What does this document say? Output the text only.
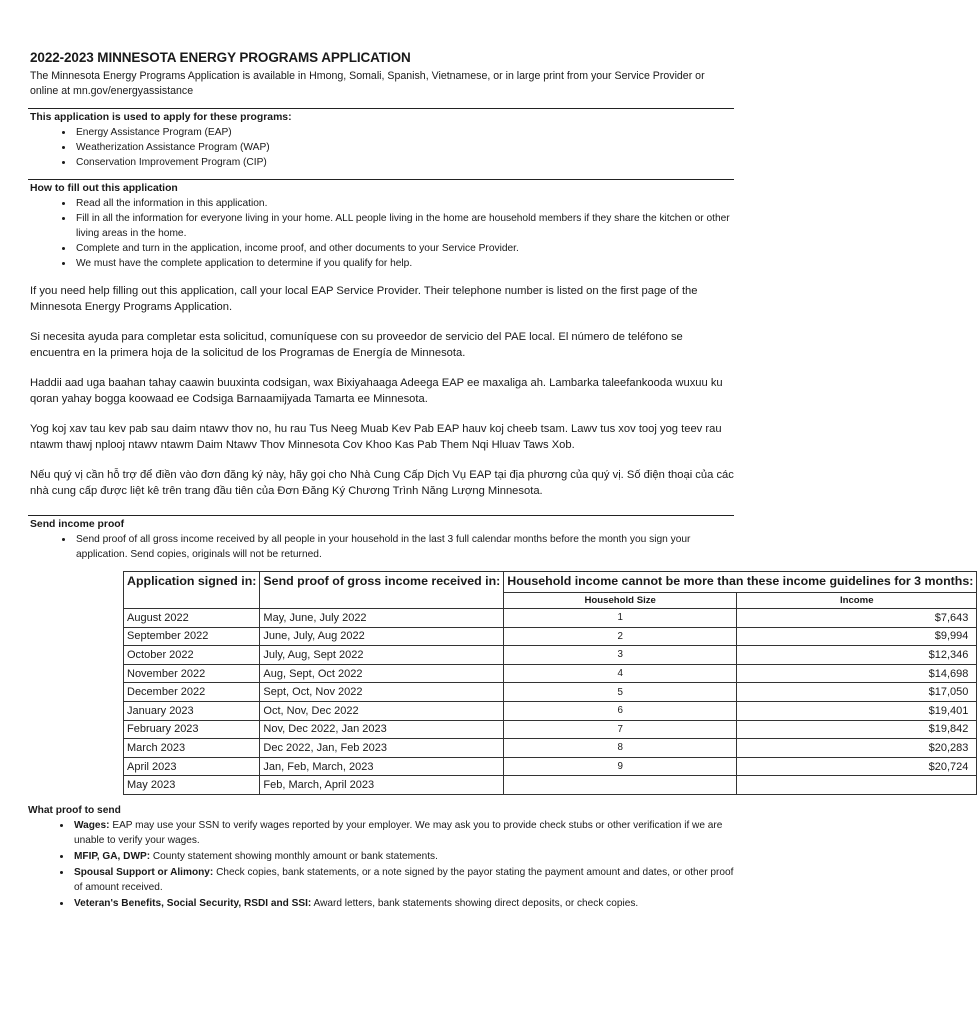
2022-2023 MINNESOTA ENERGY PROGRAMS APPLICATION

The Minnesota Energy Programs Application is available in Hmong, Somali, Spanish, Vietnamese, or in large print from your Service Provider or online at mn.gov/energyassistance

This application is used to apply for these programs:
• Energy Assistance Program (EAP)
• Weatherization Assistance Program (WAP)
• Conservation Improvement Program (CIP)
How to fill out this application
• Read all the information in this application.
• Fill in all the information for everyone living in your home. ALL people living in the home are household members if they share the kitchen or other living areas in the home.
• Complete and turn in the application, income proof, and other documents to your Service Provider.
• We must have the complete application to determine if you qualify for help.

If you need help filling out this application, call your local EAP Service Provider. Their telephone number is listed on the first page of the Minnesota Energy Programs Application.

Si necesita ayuda para completar esta solicitud, comuníquese con su proveedor de servicio del PAE local. El número de teléfono se encuentra en la primera hoja de la solicitud de los Programas de Energía de Minnesota.

Haddii aad uga baahan tahay caawin buuxinta codsigan, wax Bixiyahaaga Adeega EAP ee maxaliga ah. Lambarka taleefankooda wuxuu ku qoran yahay bogga koowaad ee Codsiga Barnaamijyada Tamarta ee Minnesota.

Yog koj xav tau kev pab sau daim ntawv thov no, hu rau Tus Neeg Muab Kev Pab EAP hauv koj cheeb tsam. Lawv tus xov tooj yog teev rau ntawm thawj nplooj ntawv ntawm Daim Ntawv Thov Minnesota Cov Khoo Kas Pab Them Nqi Hluav Taws Xob.

Nếu quý vị cần hỗ trợ để điền vào đơn đăng ký này, hãy gọi cho Nhà Cung Cấp Dịch Vụ EAP tại địa phương của quý vị. Số điện thoại của các nhà cung cấp được liệt kê trên trang đầu tiên của Đơn Đăng Ký Chương Trình Năng Lượng Minnesota.

Send income proof
• Send proof of all gross income received by all people in your household in the last 3 full calendar months before the month you sign your application. Send copies, originals will not be returned.
Application signed in:	Send proof of gross income received in:	Household income cannot be more than these income guidelines for 3 months:	
		Household Size	Income
August 2022	May, June, July 2022	1	$7,643
September 2022	June, July, Aug 2022	2	$9,994
October 2022	July, Aug, Sept 2022	3	$12,346
November 2022	Aug, Sept, Oct 2022	4	$14,698
December 2022	Sept, Oct, Nov 2022	5	$17,050
January 2023	Oct, Nov, Dec 2022	6	$19,401
February 2023	Nov, Dec 2022, Jan 2023	7	$19,842
March 2023	Dec 2022, Jan, Feb 2023	8	$20,283
April 2023	Jan, Feb, March, 2023	9	$20,724
May 2023	Feb, March, April 2023		
What proof to send
• Wages: EAP may use your SSN to verify wages reported by your employer. We may ask you to provide check stubs or other verification if we are unable to verify your wages.
• MFIP, GA, DWP: County statement showing monthly amount or bank statements.
• Spousal Support or Alimony: Check copies, bank statements, or a note signed by the payor stating the payment amount and dates, or other proof of amount received.
• Veteran's Benefits, Social Security, RSDI and SSI: Award letters, bank statements showing direct deposits, or check copies.
